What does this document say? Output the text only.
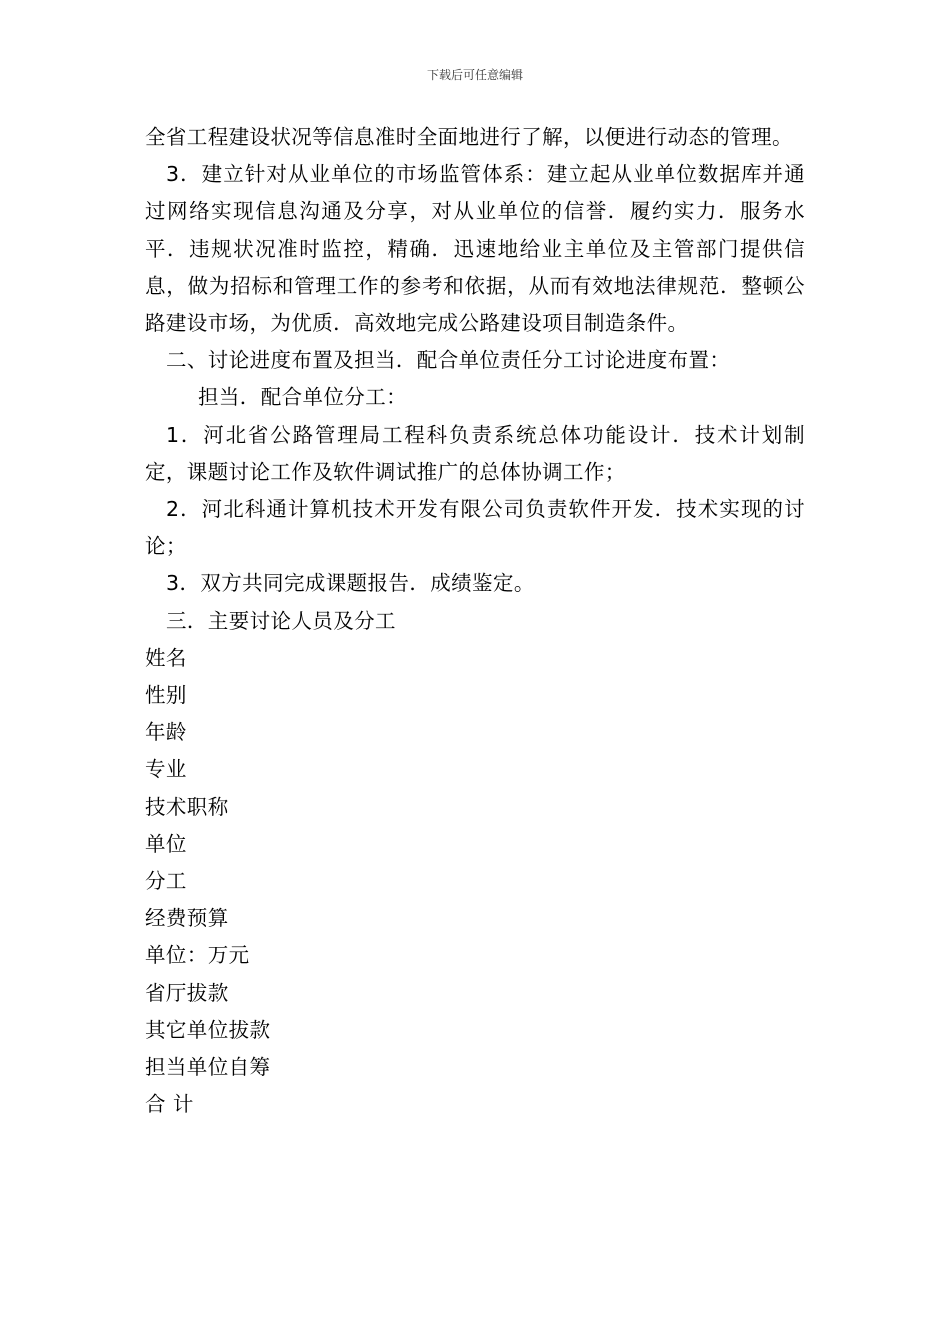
下载后可任意编辑

全省工程建设状况等信息准时全面地进行了解，以便进行动态的管理。

3．建立针对从业单位的市场监管体系：建立起从业单位数据库并通过网络实现信息沟通及分享，对从业单位的信誉．履约实力．服务水平．违规状况准时监控，精确．迅速地给业主单位及主管部门提供信息，做为招标和管理工作的参考和依据，从而有效地法律规范．整顿公路建设市场，为优质．高效地完成公路建设项目制造条件。

二、讨论进度布置及担当．配合单位责任分工讨论进度布置：

担当．配合单位分工：

1．河北省公路管理局工程科负责系统总体功能设计．技术计划制定，课题讨论工作及软件调试推广的总体协调工作；

2．河北科通计算机技术开发有限公司负责软件开发．技术实现的讨论；

3．双方共同完成课题报告．成绩鉴定。

三．主要讨论人员及分工

姓名

性别

年龄

专业

技术职称

单位

分工

经费预算

单位：万元

省厅拔款

其它单位拔款

担当单位自筹

合 计
